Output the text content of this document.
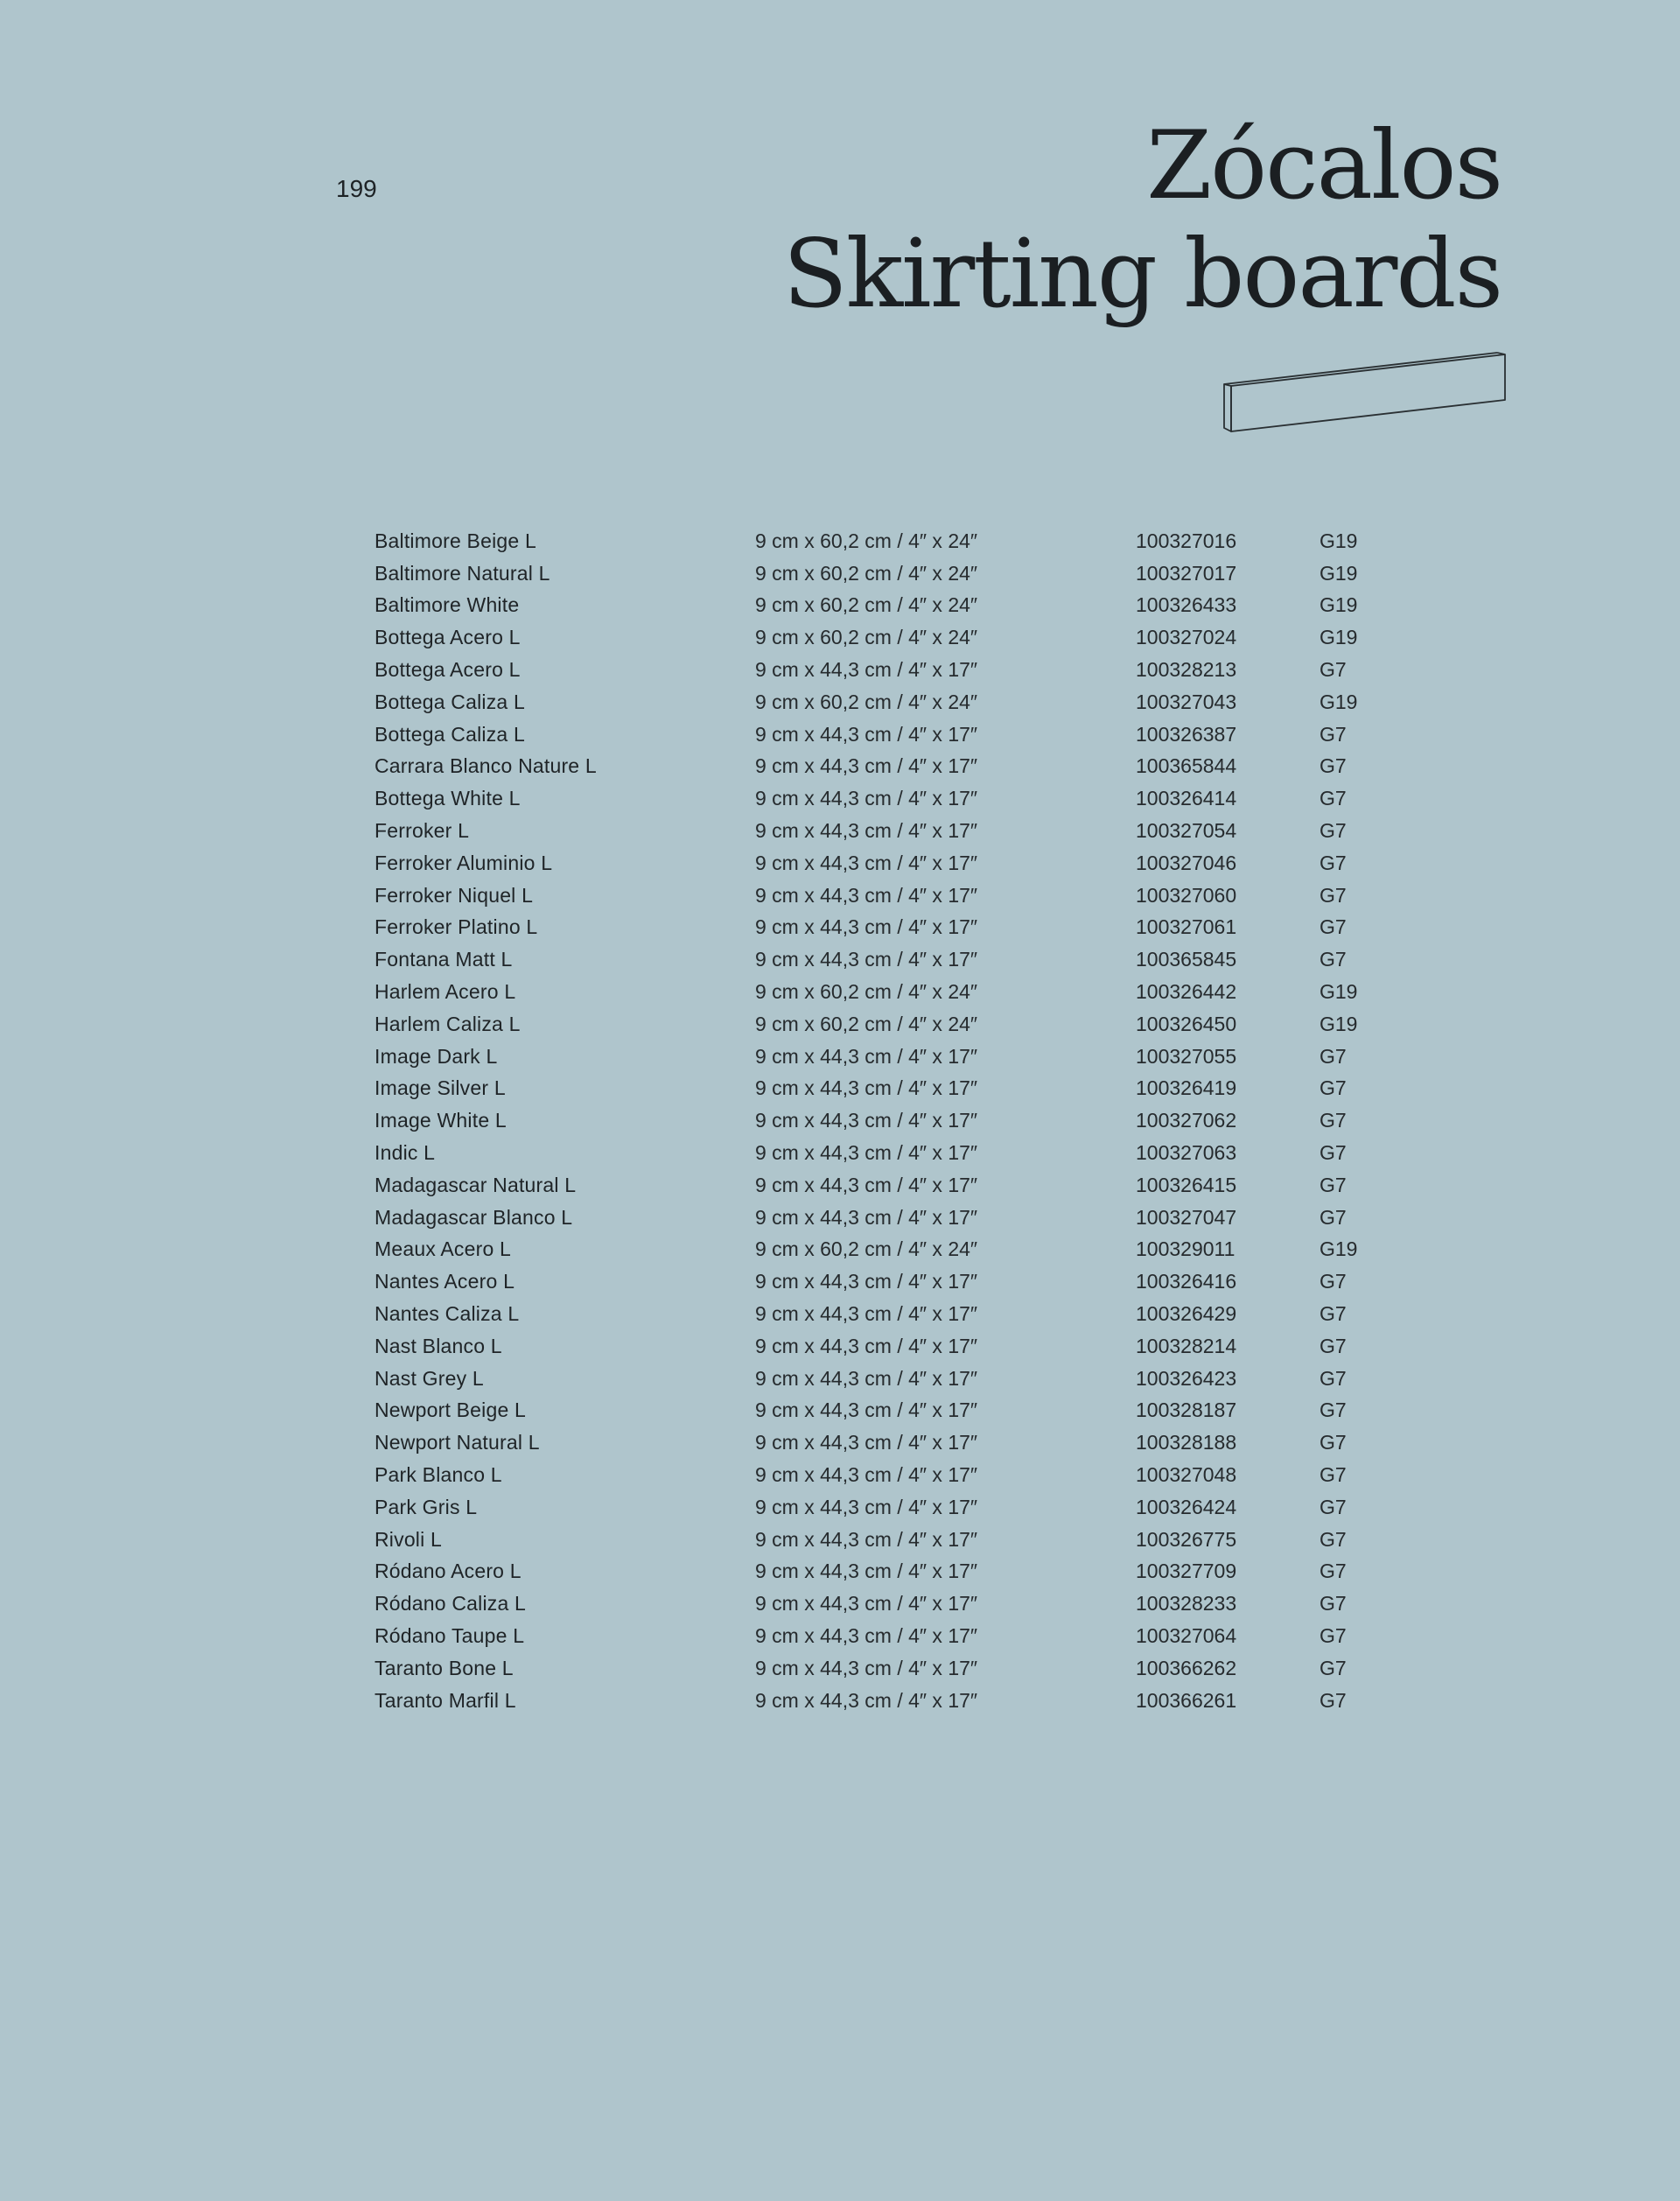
199	Zócalos
Skirting boards
Baltimore Beige L	9 cm x 60,2 cm / 4″ x 24″	100327016	G19
Baltimore Natural L	9 cm x 60,2 cm / 4″ x 24″	100327017	G19
Baltimore White	9 cm x 60,2 cm / 4″ x 24″	100326433	G19
Bottega Acero L	9 cm x 60,2 cm / 4″ x 24″	100327024	G19
Bottega Acero L	9 cm x 44,3 cm / 4″ x 17″	100328213	G7
Bottega Caliza L	9 cm x 60,2 cm / 4″ x 24″	100327043	G19
Bottega Caliza L	9 cm x 44,3 cm / 4″ x 17″	100326387	G7
Carrara Blanco Nature L	9 cm x 44,3 cm / 4″ x 17″	100365844	G7
Bottega White L	9 cm x 44,3 cm / 4″ x 17″	100326414	G7
Ferroker L	9 cm x 44,3 cm / 4″ x 17″	100327054	G7
Ferroker Aluminio L	9 cm x 44,3 cm / 4″ x 17″	100327046	G7
Ferroker Niquel L	9 cm x 44,3 cm / 4″ x 17″	100327060	G7
Ferroker Platino L	9 cm x 44,3 cm / 4″ x 17″	100327061	G7
Fontana Matt L	9 cm x 44,3 cm / 4″ x 17″	100365845	G7
Harlem Acero L	9 cm x 60,2 cm / 4″ x 24″	100326442	G19
Harlem Caliza L	9 cm x 60,2 cm / 4″ x 24″	100326450	G19
Image Dark L	9 cm x 44,3 cm / 4″ x 17″	100327055	G7
Image Silver L	9 cm x 44,3 cm / 4″ x 17″	100326419	G7
Image White L	9 cm x 44,3 cm / 4″ x 17″	100327062	G7
Indic L	9 cm x 44,3 cm / 4″ x 17″	100327063	G7
Madagascar Natural L	9 cm x 44,3 cm / 4″ x 17″	100326415	G7
Madagascar Blanco L	9 cm x 44,3 cm / 4″ x 17″	100327047	G7
Meaux Acero L	9 cm x 60,2 cm / 4″ x 24″	100329011	G19
Nantes Acero L	9 cm x 44,3 cm / 4″ x 17″	100326416	G7
Nantes Caliza L	9 cm x 44,3 cm / 4″ x 17″	100326429	G7
Nast Blanco L	9 cm x 44,3 cm / 4″ x 17″	100328214	G7
Nast Grey L	9 cm x 44,3 cm / 4″ x 17″	100326423	G7
Newport Beige L	9 cm x 44,3 cm / 4″ x 17″	100328187	G7
Newport Natural L	9 cm x 44,3 cm / 4″ x 17″	100328188	G7
Park Blanco L	9 cm x 44,3 cm / 4″ x 17″	100327048	G7
Park Gris L	9 cm x 44,3 cm / 4″ x 17″	100326424	G7
Rivoli L	9 cm x 44,3 cm / 4″ x 17″	100326775	G7
Ródano Acero L	9 cm x 44,3 cm / 4″ x 17″	100327709	G7
Ródano Caliza L	9 cm x 44,3 cm / 4″ x 17″	100328233	G7
Ródano Taupe L	9 cm x 44,3 cm / 4″ x 17″	100327064	G7
Taranto Bone L	9 cm x 44,3 cm / 4″ x 17″	100366262	G7
Taranto Marfil L	9 cm x 44,3 cm / 4″ x 17″	100366261	G7
